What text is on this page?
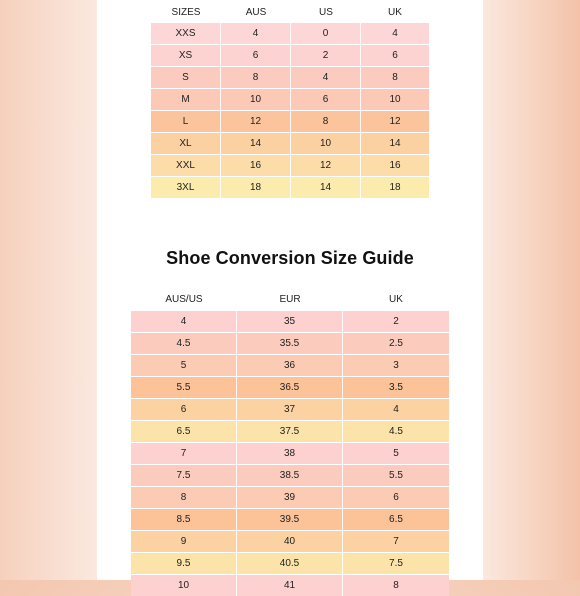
SIZES	AUS	US	UK
XXS	4	0	4
XS	6	2	6
S	8	4	8
M	10	6	10
L	12	8	12
XL	14	10	14
XXL	16	12	16
3XL	18	14	18
Shoe Conversion Size Guide
AUS/US	EUR	UK
4	35	2
4.5	35.5	2.5
5	36	3
5.5	36.5	3.5
6	37	4
6.5	37.5	4.5
7	38	5
7.5	38.5	5.5
8	39	6
8.5	39.5	6.5
9	40	7
9.5	40.5	7.5
10	41	8
